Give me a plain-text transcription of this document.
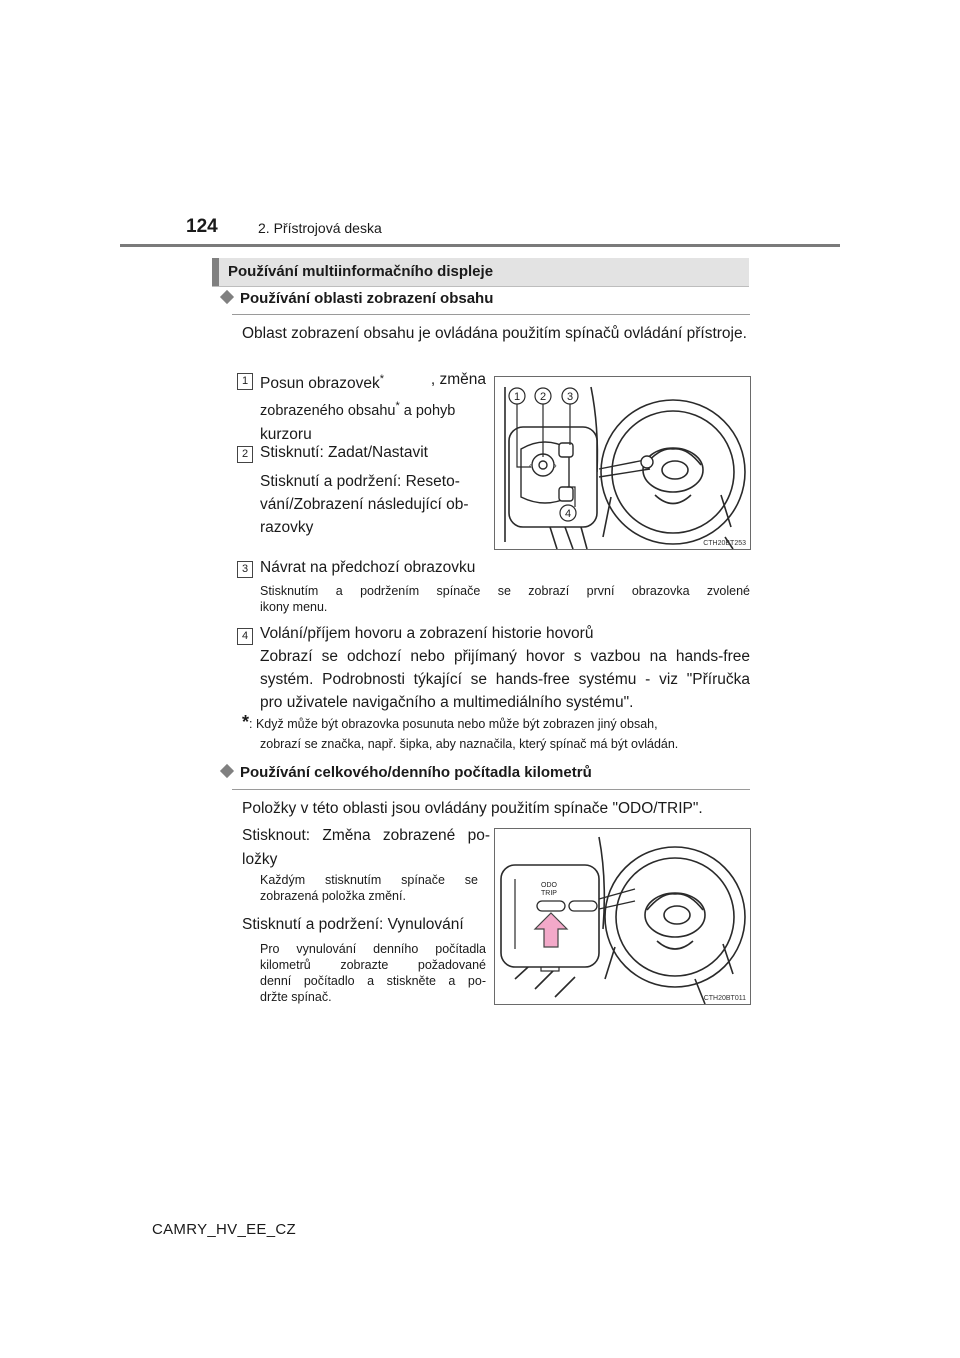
124	2. Přístrojová deska
Používání multiinformačního displeje
Používání oblasti zobrazení obsahu
Oblast zobrazení obsahu je ovládána použitím spínačů ovládání přístroje.
1 Posun obrazovek*	, změna
zobrazeného obsahu* a pohyb
kurzoru
2 Stisknutí: Zadat/Nastavit
Stisknutí a podržení: Reseto-
vání/Zobrazení následující ob-
razovky
‹	›
1 2 3
4
CTH20BT253
3 Návrat na předchozí obrazovku
Stisknutím a podržením spínače se zobrazí první obrazovka zvolené
ikony menu.
4 Volání/příjem hovoru a zobrazení historie hovorů
Zobrazí se odchozí nebo přijímaný hovor s vazbou na hands-free
systém. Podrobnosti týkající se hands-free systému - viz "Příručka
pro uživatele navigačního a multimediálního systému".
*: Když může být obrazovka posunuta nebo může být zobrazen jiný obsah,
zobrazí se značka, např. šipka, aby naznačila, který spínač má být ovládán.
Používání celkového/denního počítadla kilometrů
Položky v této oblasti jsou ovládány použitím spínače "ODO/TRIP".
Stisknout: Změna zobrazené po-
ložky
Každým stisknutím spínače se
zobrazená položka změní.
Stisknutí a podržení: Vynulování
Pro vynulování denního počítadla
kilometrů zobrazte požadované
denní počítadlo a stiskněte a po-
držte spínač.
ODO
TRIP
CTH20BT011
CAMRY_HV_EE_CZ
